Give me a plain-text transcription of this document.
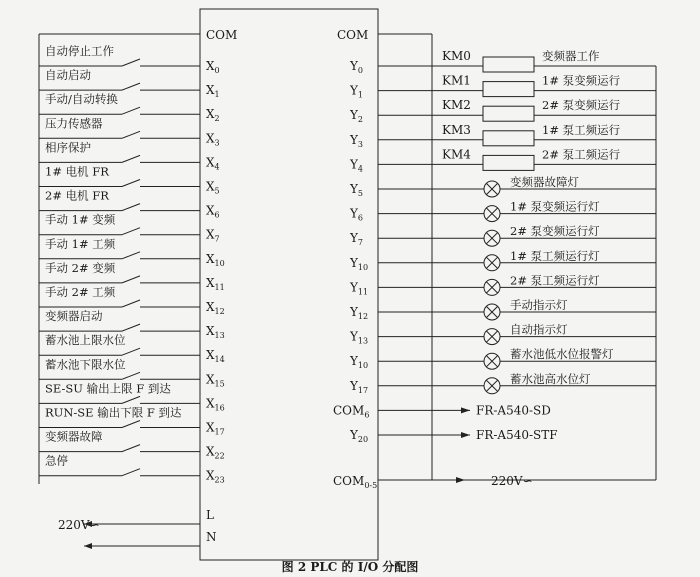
COM	COM
自动停止工作
$X_0$
自动启动
$X_1$
手动/自动转换
$X_2$
压力传感器
$X_3$
相序保护
$X_4$
1# 电机 FR
$X_5$
2# 电机 FR
$X_6$
手动 1# 变频
$X_7$
手动 1# 工频
$X_{10}$
手动 2# 变频
$X_{11}$
手动 2# 工频
$X_{12}$
变频器启动
$X_{13}$
蓄水池上限水位
$X_{14}$
蓄水池下限水位
$X_{15}$
SE-SU 输出上限 F 到达
$X_{16}$
RUN-SE 输出下限 F 到达
$X_{17}$
变频器故障
$X_{22}$
急停
$X_{23}$
L
N
220V∽
$Y_0$
KM0	变频器工作
$Y_1$
KM1	1# 泵变频运行
$Y_2$
KM2	2# 泵变频运行
$Y_3$
KM3	1# 泵工频运行
$Y_4$
KM4	2# 泵工频运行
$Y_5$
变频器故障灯
$Y_6$
1# 泵变频运行灯
$Y_7$
2# 泵变频运行灯
$Y_{10}$
1# 泵工频运行灯
$Y_{11}$
2# 泵工频运行灯
$Y_{12}$
手动指示灯
$Y_{13}$
自动指示灯
$Y_{10}$
蓄水池低水位报警灯
$Y_{17}$
蓄水池高水位灯
$COM_6$	FR-A540-SD
$Y_{20}$	FR-A540-STF
$COM_{0-5}$	220V∽
图 2 PLC 的 I/O 分配图
